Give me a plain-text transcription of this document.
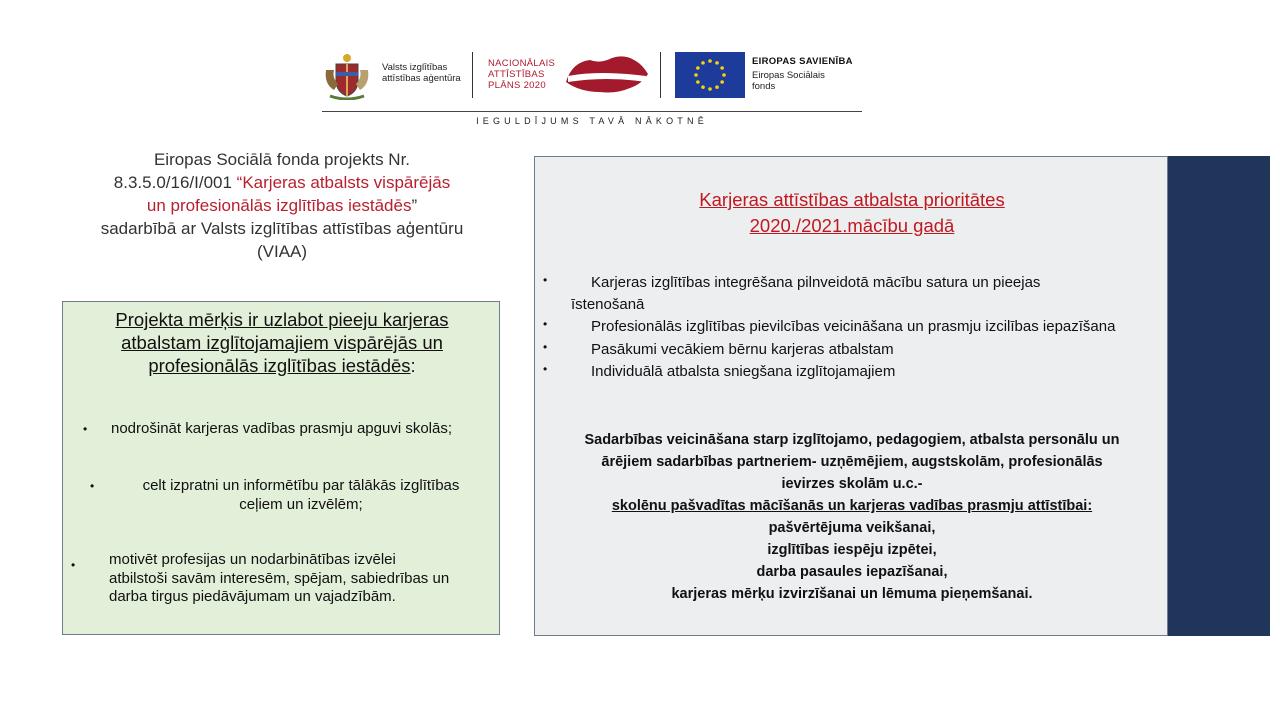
Valsts izglītības
attīstības aģentūra
NACIONĀLAIS
ATTĪSTĪBAS
PLĀNS 2020
EIROPAS SAVIENĪBA
Eiropas Sociālais
fonds
IEGULDĪJUMS TAVĀ NĀKOTNĒ
Eiropas Sociālā fonda projekts Nr.
8.3.5.0/16/I/001 “Karjeras atbalsts vispārējās
un profesionālās izglītības iestādēs”
sadarbībā ar Valsts izglītības attīstības aģentūru
(VIAA)
Projekta mērķis ir uzlabot pieeju karjeras
atbalstam izglītojamajiem vispārējās un
profesionālās izglītības iestādēs:
• nodrošināt karjeras vadības prasmju apguvi skolās;
•	celt izpratni un informētību par tālākās izglītības
ceļiem un izvēlēm;
• motivēt profesijas un nodarbinātības izvēlei
atbilstoši savām interesēm, spējam, sabiedrības un
darba tirgus piedāvājumam un vajadzībām.
Karjeras attīstības atbalsta prioritātes
2020./2021.mācību gadā
•	Karjeras izglītības integrēšana pilnveidotā mācību satura un pieejas
īstenošanā
•	Profesionālās izglītības pievilcības veicināšana un prasmju izcilības iepazīšana
•	Pasākumi vecākiem bērnu karjeras atbalstam
•	Individuālā atbalsta sniegšana izglītojamajiem
Sadarbības veicināšana starp izglītojamo, pedagogiem, atbalsta personālu un
ārējiem sadarbības partneriem- uzņēmējiem, augstskolām, profesionālās
ievirzes skolām u.c.-
skolēnu pašvadītas mācīšanās un karjeras vadības prasmju attīstībai:
pašvērtējuma veikšanai,
izglītības iespēju izpētei,
darba pasaules iepazīšanai,
karjeras mērķu izvirzīšanai un lēmuma pieņemšanai.
